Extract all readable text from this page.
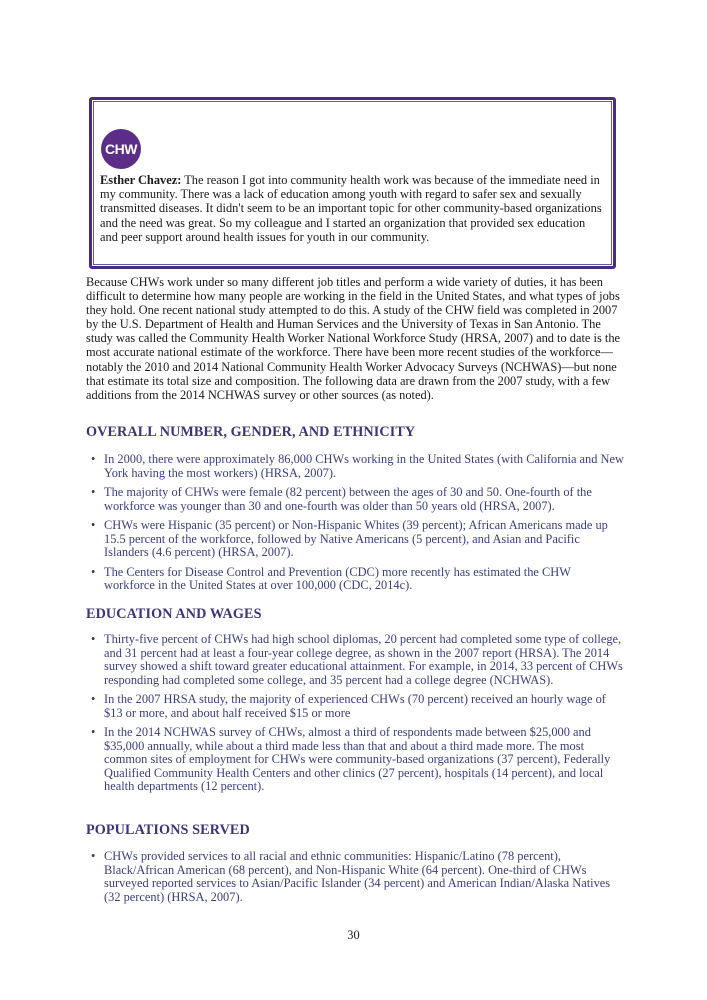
CHW

Esther Chavez: The reason I got into community health work was because of the immediate need in my community. There was a lack of education among youth with regard to safer sex and sexually transmitted diseases. It didn't seem to be an important topic for other community-based organizations and the need was great. So my colleague and I started an organization that provided sex education and peer support around health issues for youth in our community.

Because CHWs work under so many different job titles and perform a wide variety of duties, it has been difficult to determine how many people are working in the field in the United States, and what types of jobs they hold. One recent national study attempted to do this. A study of the CHW field was completed in 2007 by the U.S. Department of Health and Human Services and the University of Texas in San Antonio. The study was called the Community Health Worker National Workforce Study (HRSA, 2007) and to date is the most accurate national estimate of the workforce. There have been more recent studies of the workforce—notably the 2010 and 2014 National Community Health Worker Advocacy Surveys (NCHWAS)—but none that estimate its total size and composition. The following data are drawn from the 2007 study, with a few additions from the 2014 NCHWAS survey or other sources (as noted).

OVERALL NUMBER, GENDER, AND ETHNICITY
• In 2000, there were approximately 86,000 CHWs working in the United States (with California and New York having the most workers) (HRSA, 2007).
• The majority of CHWs were female (82 percent) between the ages of 30 and 50. One-fourth of the workforce was younger than 30 and one-fourth was older than 50 years old (HRSA, 2007).
• CHWs were Hispanic (35 percent) or Non-Hispanic Whites (39 percent); African Americans made up 15.5 percent of the workforce, followed by Native Americans (5 percent), and Asian and Pacific Islanders (4.6 percent) (HRSA, 2007).
• The Centers for Disease Control and Prevention (CDC) more recently has estimated the CHW workforce in the United States at over 100,000 (CDC, 2014c).
EDUCATION AND WAGES
• Thirty-five percent of CHWs had high school diplomas, 20 percent had completed some type of college, and 31 percent had at least a four-year college degree, as shown in the 2007 report (HRSA). The 2014 survey showed a shift toward greater educational attainment. For example, in 2014, 33 percent of CHWs responding had completed some college, and 35 percent had a college degree (NCHWAS).
• In the 2007 HRSA study, the majority of experienced CHWs (70 percent) received an hourly wage of $13 or more, and about half received $15 or more
• In the 2014 NCHWAS survey of CHWs, almost a third of respondents made between $25,000 and $35,000 annually, while about a third made less than that and about a third made more. The most common sites of employment for CHWs were community-based organizations (37 percent), Federally Qualified Community Health Centers and other clinics (27 percent), hospitals (14 percent), and local health departments (12 percent).
POPULATIONS SERVED
• CHWs provided services to all racial and ethnic communities: Hispanic/Latino (78 percent), Black/African American (68 percent), and Non-Hispanic White (64 percent). One-third of CHWs surveyed reported services to Asian/Pacific Islander (34 percent) and American Indian/Alaska Natives (32 percent) (HRSA, 2007).
30
